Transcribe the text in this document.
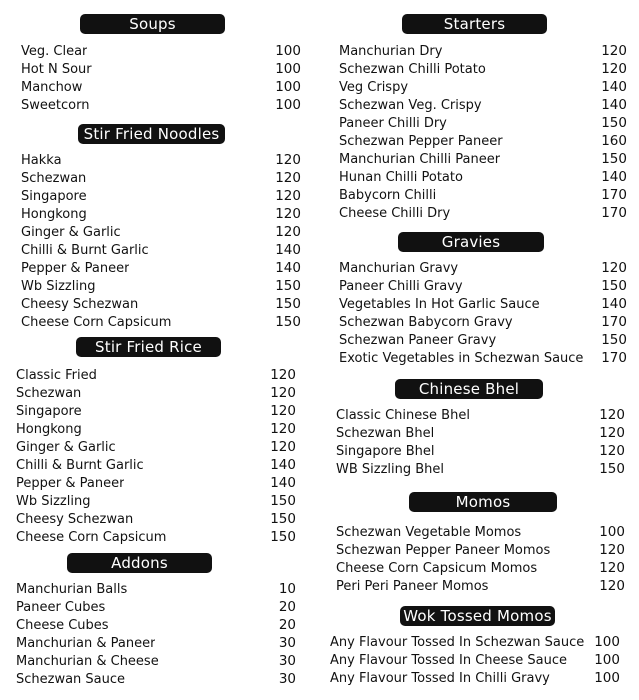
Soups
Veg. Clear	100
Hot N Sour	100
Manchow	100
Sweetcorn	100
Stir Fried Noodles
Hakka	120
Schezwan	120
Singapore	120
Hongkong	120
Ginger & Garlic	120
Chilli & Burnt Garlic	140
Pepper & Paneer	140
Wb Sizzling	150
Cheesy Schezwan	150
Cheese Corn Capsicum	150
Stir Fried Rice
Classic Fried	120
Schezwan	120
Singapore	120
Hongkong	120
Ginger & Garlic	120
Chilli & Burnt Garlic	140
Pepper & Paneer	140
Wb Sizzling	150
Cheesy Schezwan	150
Cheese Corn Capsicum	150
Addons
Manchurian Balls	10
Paneer Cubes	20
Cheese Cubes	20
Manchurian & Paneer	30
Manchurian & Cheese	30
Schezwan Sauce	30
Starters
Manchurian Dry	120
Schezwan Chilli Potato	120
Veg Crispy	140
Schezwan Veg. Crispy	140
Paneer Chilli Dry	150
Schezwan Pepper Paneer	160
Manchurian Chilli Paneer	150
Hunan Chilli Potato	140
Babycorn Chilli	170
Cheese Chilli Dry	170
Gravies
Manchurian Gravy	120
Paneer Chilli Gravy	150
Vegetables In Hot Garlic Sauce	140
Schezwan Babycorn Gravy	170
Schezwan Paneer Gravy	150
Exotic Vegetables in Schezwan Sauce 170
Chinese Bhel
Classic Chinese Bhel	120
Schezwan Bhel	120
Singapore Bhel	120
WB Sizzling Bhel	150
Momos
Schezwan Vegetable Momos	100
Schezwan Pepper Paneer Momos	120
Cheese Corn Capsicum Momos	120
Peri Peri Paneer Momos	120
Wok Tossed Momos
Any Flavour Tossed In Schezwan Sauce 100
Any Flavour Tossed In Cheese Sauce 100
Any Flavour Tossed In Chilli Gravy	100
